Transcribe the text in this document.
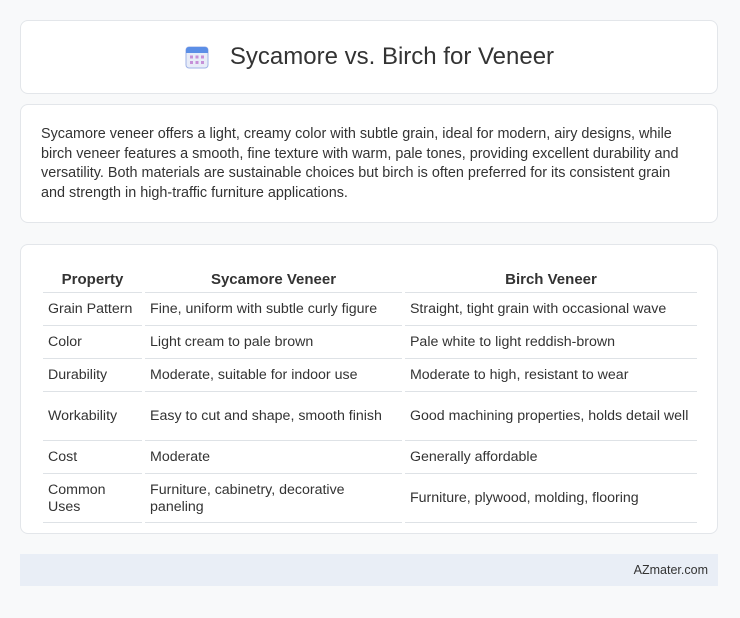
Sycamore vs. Birch for Veneer

Sycamore veneer offers a light, creamy color with subtle grain, ideal for modern, airy designs, while birch veneer features a smooth, fine texture with warm, pale tones, providing excellent durability and versatility. Both materials are sustainable choices but birch is often preferred for its consistent grain and strength in high-traffic furniture applications.

Property	Sycamore Veneer	Birch Veneer
Grain Pattern	Fine, uniform with subtle curly figure	Straight, tight grain with occasional wave
Color	Light cream to pale brown	Pale white to light reddish-brown
Durability	Moderate, suitable for indoor use	Moderate to high, resistant to wear
Workability	Easy to cut and shape, smooth finish	Good machining properties, holds detail well
Cost	Moderate	Generally affordable
Common Uses	Furniture, cabinetry, decorative paneling	Furniture, plywood, molding, flooring
AZmater.com
